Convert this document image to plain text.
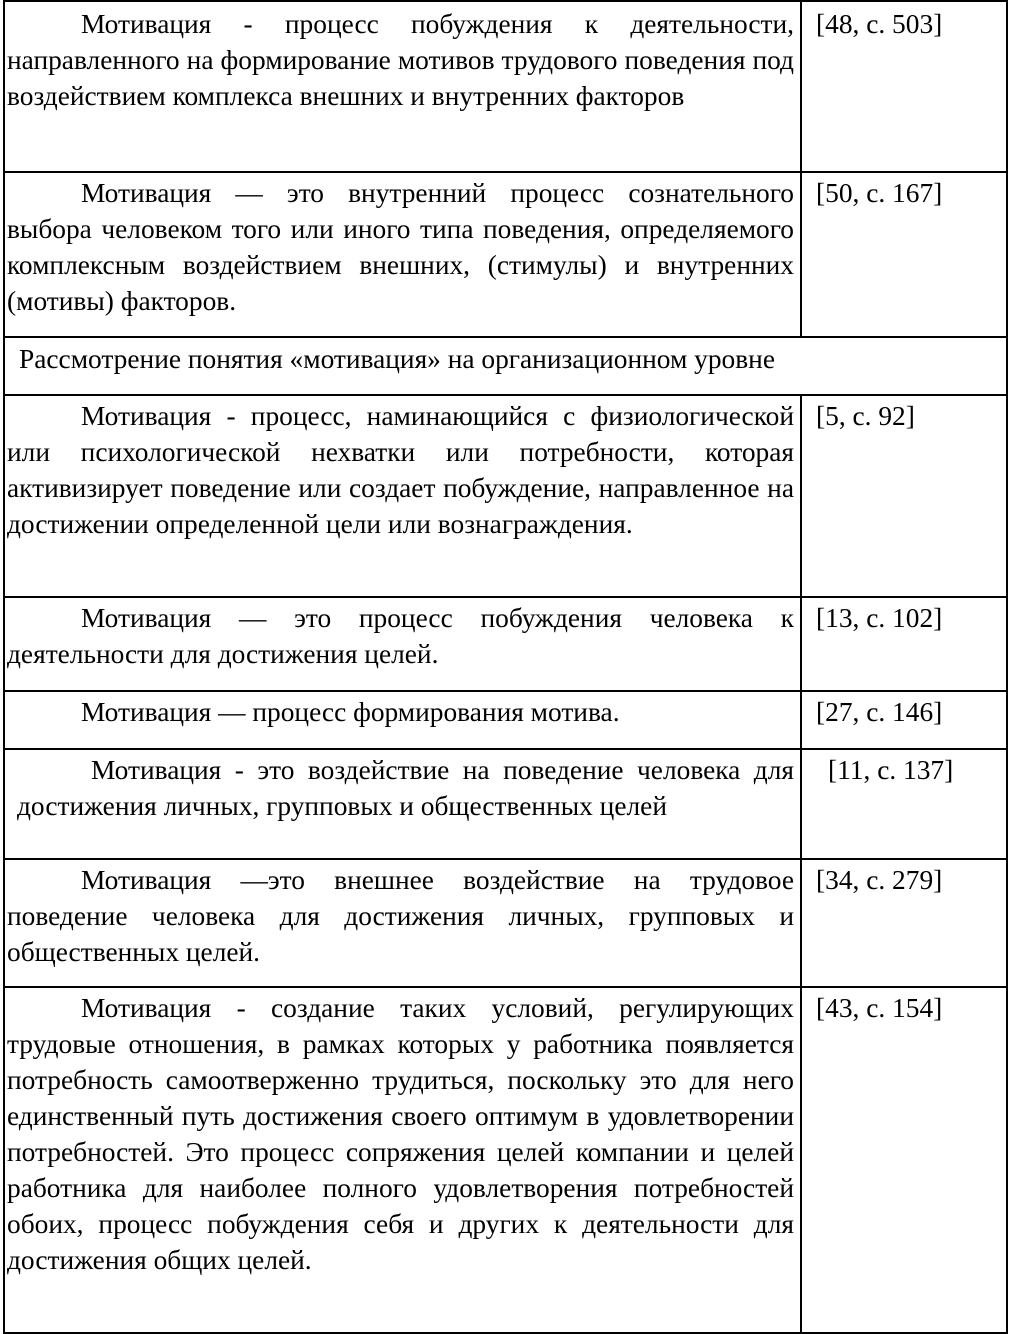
Мотивация - процесс побуждения к деятельности, направленного на формирование мотивов трудового поведения под воздействием комплекса внешних и внутренних факторов

[48, с. 503]

Мотивация — это внутренний процесс сознательного выбора человеком того или иного типа поведения, определяемого комплексным воздействием внешних, (стимулы) и внутренних (мотивы) факторов.

[50, с. 167]

Рассмотрение понятия «мотивация» на организационном уровне

Мотивация - процесс, наминающийся с физиологической или психологической нехватки или потребности, которая активизирует поведение или создает побуждение, направленное на достижении определенной цели или вознаграждения.

[5, с. 92]

Мотивация — это процесс побуждения человека к деятельности для достижения целей.

[13, с. 102]

Мотивация — процесс формирования мотива.	[27, с. 146]

Мотивация - это воздействие на поведение человека для достижения личных, групповых и общественных целей

[11, с. 137]

Мотивация —это внешнее воздействие на трудовое поведение человека для достижения личных, групповых и общественных целей.

[34, с. 279]

Мотивация - создание таких условий, регулирующих трудовые отношения, в рамках которых у работника появляется потребность самоотверженно трудиться, поскольку это для него единственный путь достижения своего оптимум в удовлетворении потребностей. Это процесс сопряжения целей компании и целей работника для наиболее полного удовлетворения потребностей обоих, процесс побуждения себя и других к деятельности для достижения общих целей.

[43, с. 154]
